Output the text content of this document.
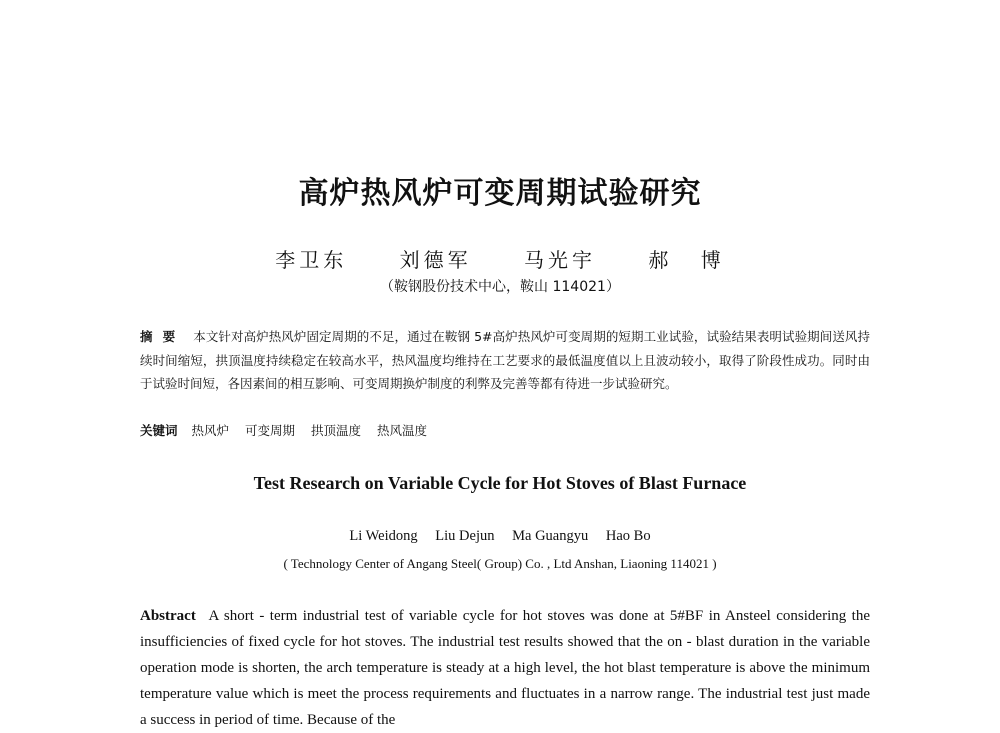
高炉热风炉可变周期试验研究
李卫东	刘德军	马光宇	郝 博
（鞍钢股份技术中心，鞍山 114021）
摘要 本文针对高炉热风炉固定周期的不足，通过在鞍钢 5#高炉热风炉可变周期的短期工业试验，试验结果表明试验期间送风持续时间缩短，拱顶温度持续稳定在较高水平，热风温度均维持在工艺要求的最低温度值以上且波动较小，取得了阶段性成功。同时由于试验时间短，各因素间的相互影响、可变周期换炉制度的利弊及完善等都有待进一步试验研究。
关键词 热风炉 可变周期 拱顶温度 热风温度
Test Research on Variable Cycle for Hot Stoves of Blast Furnace
Li Weidong Liu Dejun Ma Guangyu Hao Bo
( Technology Center of Angang Steel( Group) Co. , Ltd Anshan, Liaoning 114021 )
Abstract A short - term industrial test of variable cycle for hot stoves was done at 5#BF in Ansteel considering the insufficiencies of fixed cycle for hot stoves. The industrial test results showed that the on - blast duration in the variable operation mode is shorten, the arch temperature is steady at a high level, the hot blast temperature is above the minimum temperature value which is meet the process requirements and fluctuates in a narrow range. The industrial test just made a success in period of time. Because of the
